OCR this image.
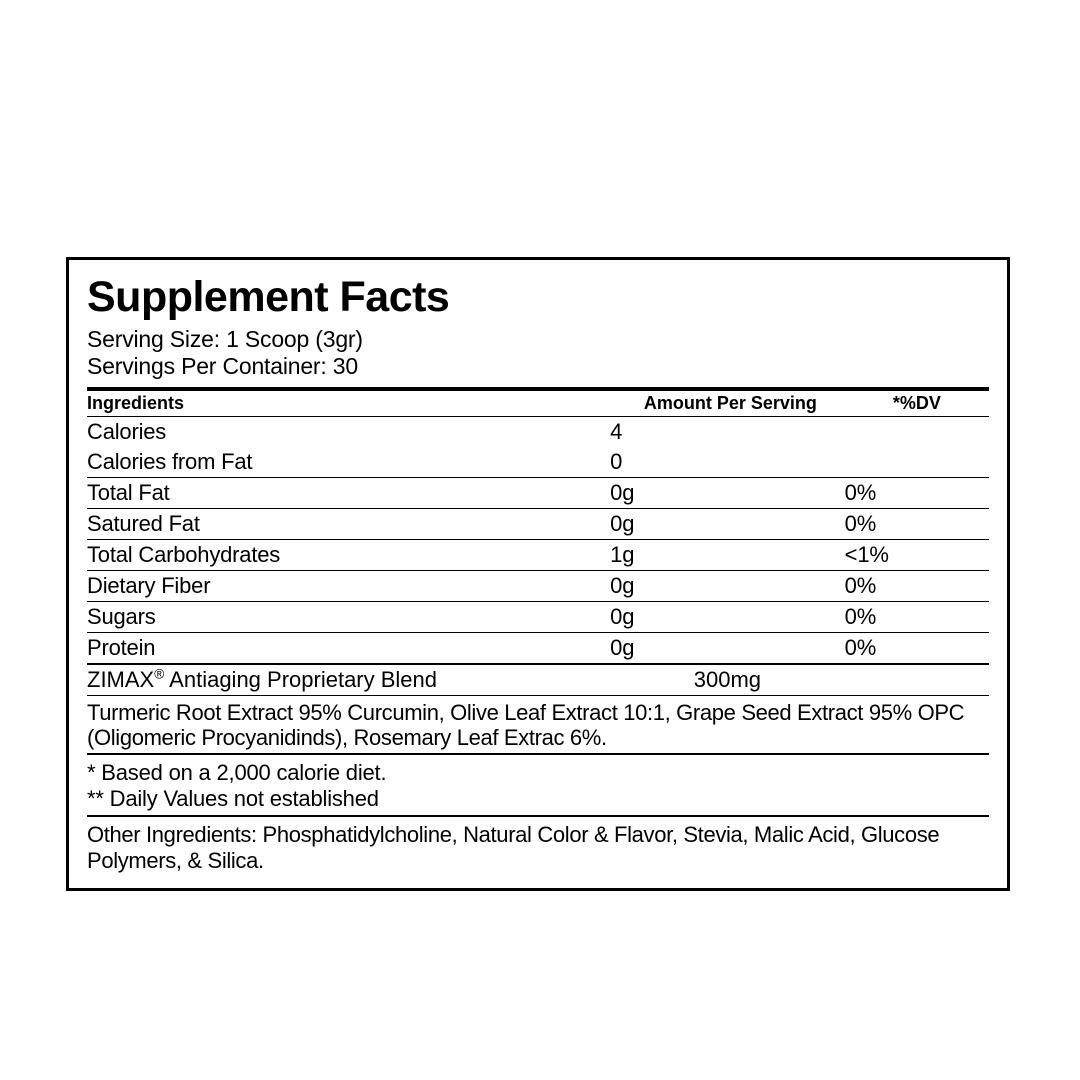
Supplement Facts
Serving Size: 1 Scoop (3gr)
Servings Per Container: 30
Ingredients	Amount Per Serving	*%DV
Calories	4	
Calories from Fat	0	
Total Fat	0g	0%
Satured Fat	0g	0%
Total Carbohydrates	1g	<1%
Dietary Fiber	0g	0%
Sugars	0g	0%
Protein	0g	0%
ZIMAX® Antiaging Proprietary Blend	300mg	
Turmeric Root Extract 95% Curcumin, Olive Leaf Extract 10:1, Grape Seed Extract 95% OPC (Oligomeric Procyanidinds), Rosemary Leaf Extrac 6%.
* Based on a 2,000 calorie diet.
** Daily Values not established
Other Ingredients: Phosphatidylcholine, Natural Color & Flavor, Stevia, Malic Acid, Glucose Polymers, & Silica.
